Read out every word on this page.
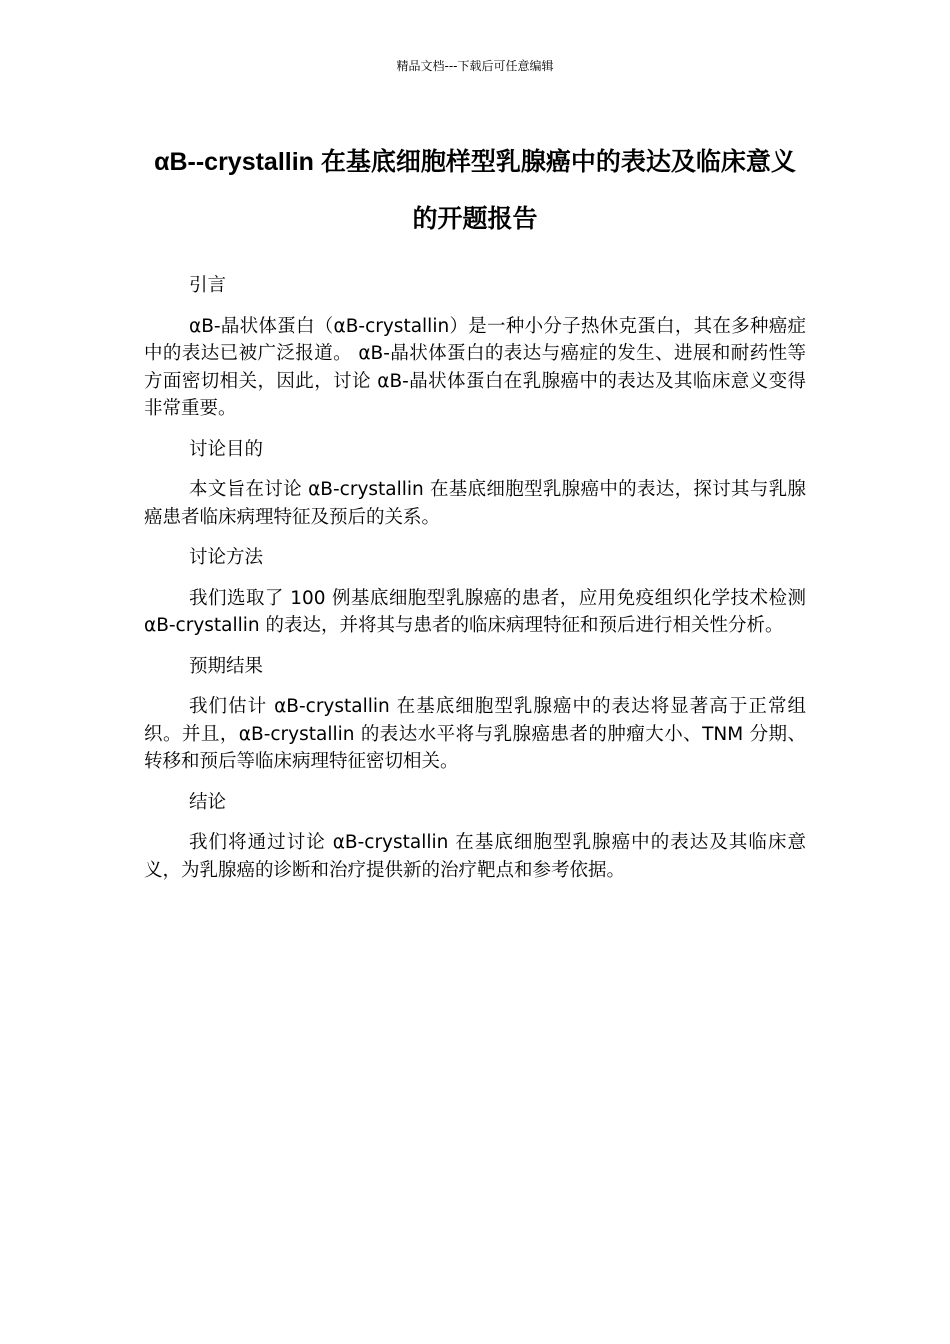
精品文档---下载后可任意编辑
αB--crystallin 在基底细胞样型乳腺癌中的表达及临床意义的开题报告
引言
αB-晶状体蛋白（αB-crystallin）是一种小分子热休克蛋白，其在多种癌症中的表达已被广泛报道。 αB-晶状体蛋白的表达与癌症的发生、进展和耐药性等方面密切相关，因此，讨论 αB-晶状体蛋白在乳腺癌中的表达及其临床意义变得非常重要。
讨论目的
本文旨在讨论 αB-crystallin 在基底细胞型乳腺癌中的表达，探讨其与乳腺癌患者临床病理特征及预后的关系。
讨论方法
我们选取了 100 例基底细胞型乳腺癌的患者，应用免疫组织化学技术检测 αB-crystallin 的表达，并将其与患者的临床病理特征和预后进行相关性分析。
预期结果
我们估计 αB-crystallin 在基底细胞型乳腺癌中的表达将显著高于正常组织。并且，αB-crystallin 的表达水平将与乳腺癌患者的肿瘤大小、TNM 分期、转移和预后等临床病理特征密切相关。
结论
我们将通过讨论 αB-crystallin 在基底细胞型乳腺癌中的表达及其临床意义，为乳腺癌的诊断和治疗提供新的治疗靶点和参考依据。
